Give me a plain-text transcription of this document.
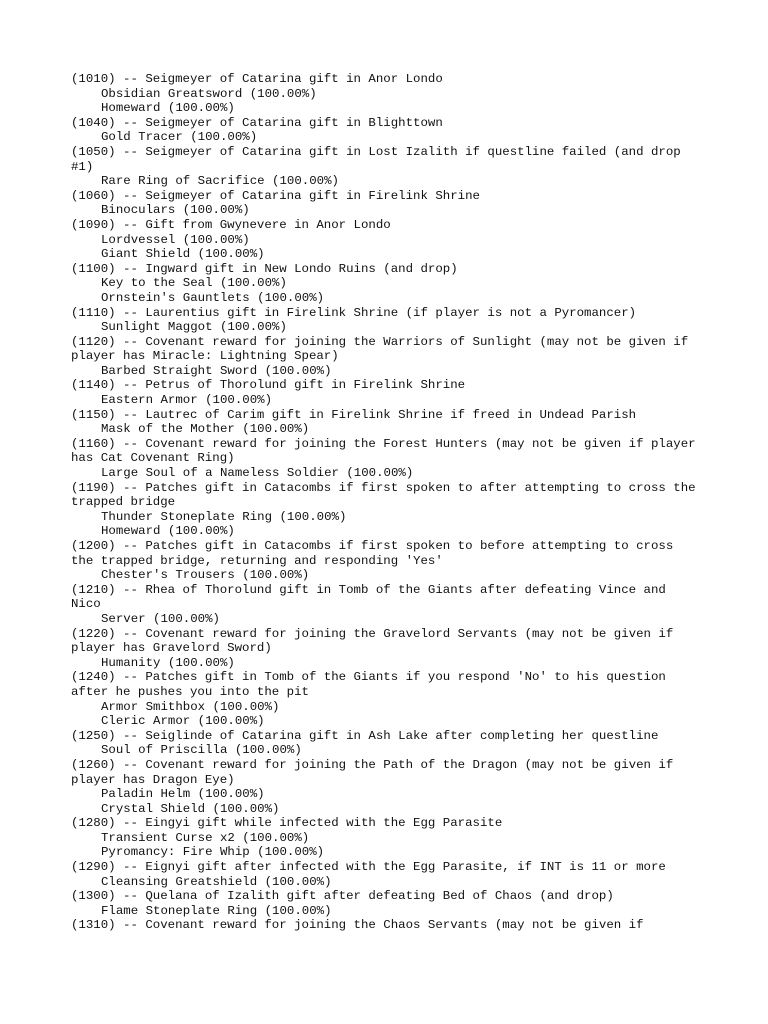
(1010) -- Seigmeyer of Catarina gift in Anor Londo
Obsidian Greatsword (100.00%)
Homeward (100.00%)
(1040) -- Seigmeyer of Catarina gift in Blighttown
Gold Tracer (100.00%)
(1050) -- Seigmeyer of Catarina gift in Lost Izalith if questline failed (and drop #1)
Rare Ring of Sacrifice (100.00%)
(1060) -- Seigmeyer of Catarina gift in Firelink Shrine
Binoculars (100.00%)
(1090) -- Gift from Gwynevere in Anor Londo
Lordvessel (100.00%)
Giant Shield (100.00%)
(1100) -- Ingward gift in New Londo Ruins (and drop)
Key to the Seal (100.00%)
Ornstein's Gauntlets (100.00%)
(1110) -- Laurentius gift in Firelink Shrine (if player is not a Pyromancer)
Sunlight Maggot (100.00%)
(1120) -- Covenant reward for joining the Warriors of Sunlight (may not be given if player has Miracle: Lightning Spear)
Barbed Straight Sword (100.00%)
(1140) -- Petrus of Thorolund gift in Firelink Shrine
Eastern Armor (100.00%)
(1150) -- Lautrec of Carim gift in Firelink Shrine if freed in Undead Parish
Mask of the Mother (100.00%)
(1160) -- Covenant reward for joining the Forest Hunters (may not be given if player has Cat Covenant Ring)
Large Soul of a Nameless Soldier (100.00%)
(1190) -- Patches gift in Catacombs if first spoken to after attempting to cross the trapped bridge
Thunder Stoneplate Ring (100.00%)
Homeward (100.00%)
(1200) -- Patches gift in Catacombs if first spoken to before attempting to cross the trapped bridge, returning and responding 'Yes'
Chester's Trousers (100.00%)
(1210) -- Rhea of Thorolund gift in Tomb of the Giants after defeating Vince and Nico
Server (100.00%)
(1220) -- Covenant reward for joining the Gravelord Servants (may not be given if player has Gravelord Sword)
Humanity (100.00%)
(1240) -- Patches gift in Tomb of the Giants if you respond 'No' to his question after he pushes you into the pit
Armor Smithbox (100.00%)
Cleric Armor (100.00%)
(1250) -- Seiglinde of Catarina gift in Ash Lake after completing her questline
Soul of Priscilla (100.00%)
(1260) -- Covenant reward for joining the Path of the Dragon (may not be given if player has Dragon Eye)
Paladin Helm (100.00%)
Crystal Shield (100.00%)
(1280) -- Eingyi gift while infected with the Egg Parasite
Transient Curse x2 (100.00%)
Pyromancy: Fire Whip (100.00%)
(1290) -- Eignyi gift after infected with the Egg Parasite, if INT is 11 or more
Cleansing Greatshield (100.00%)
(1300) -- Quelana of Izalith gift after defeating Bed of Chaos (and drop)
Flame Stoneplate Ring (100.00%)
(1310) -- Covenant reward for joining the Chaos Servants (may not be given if
